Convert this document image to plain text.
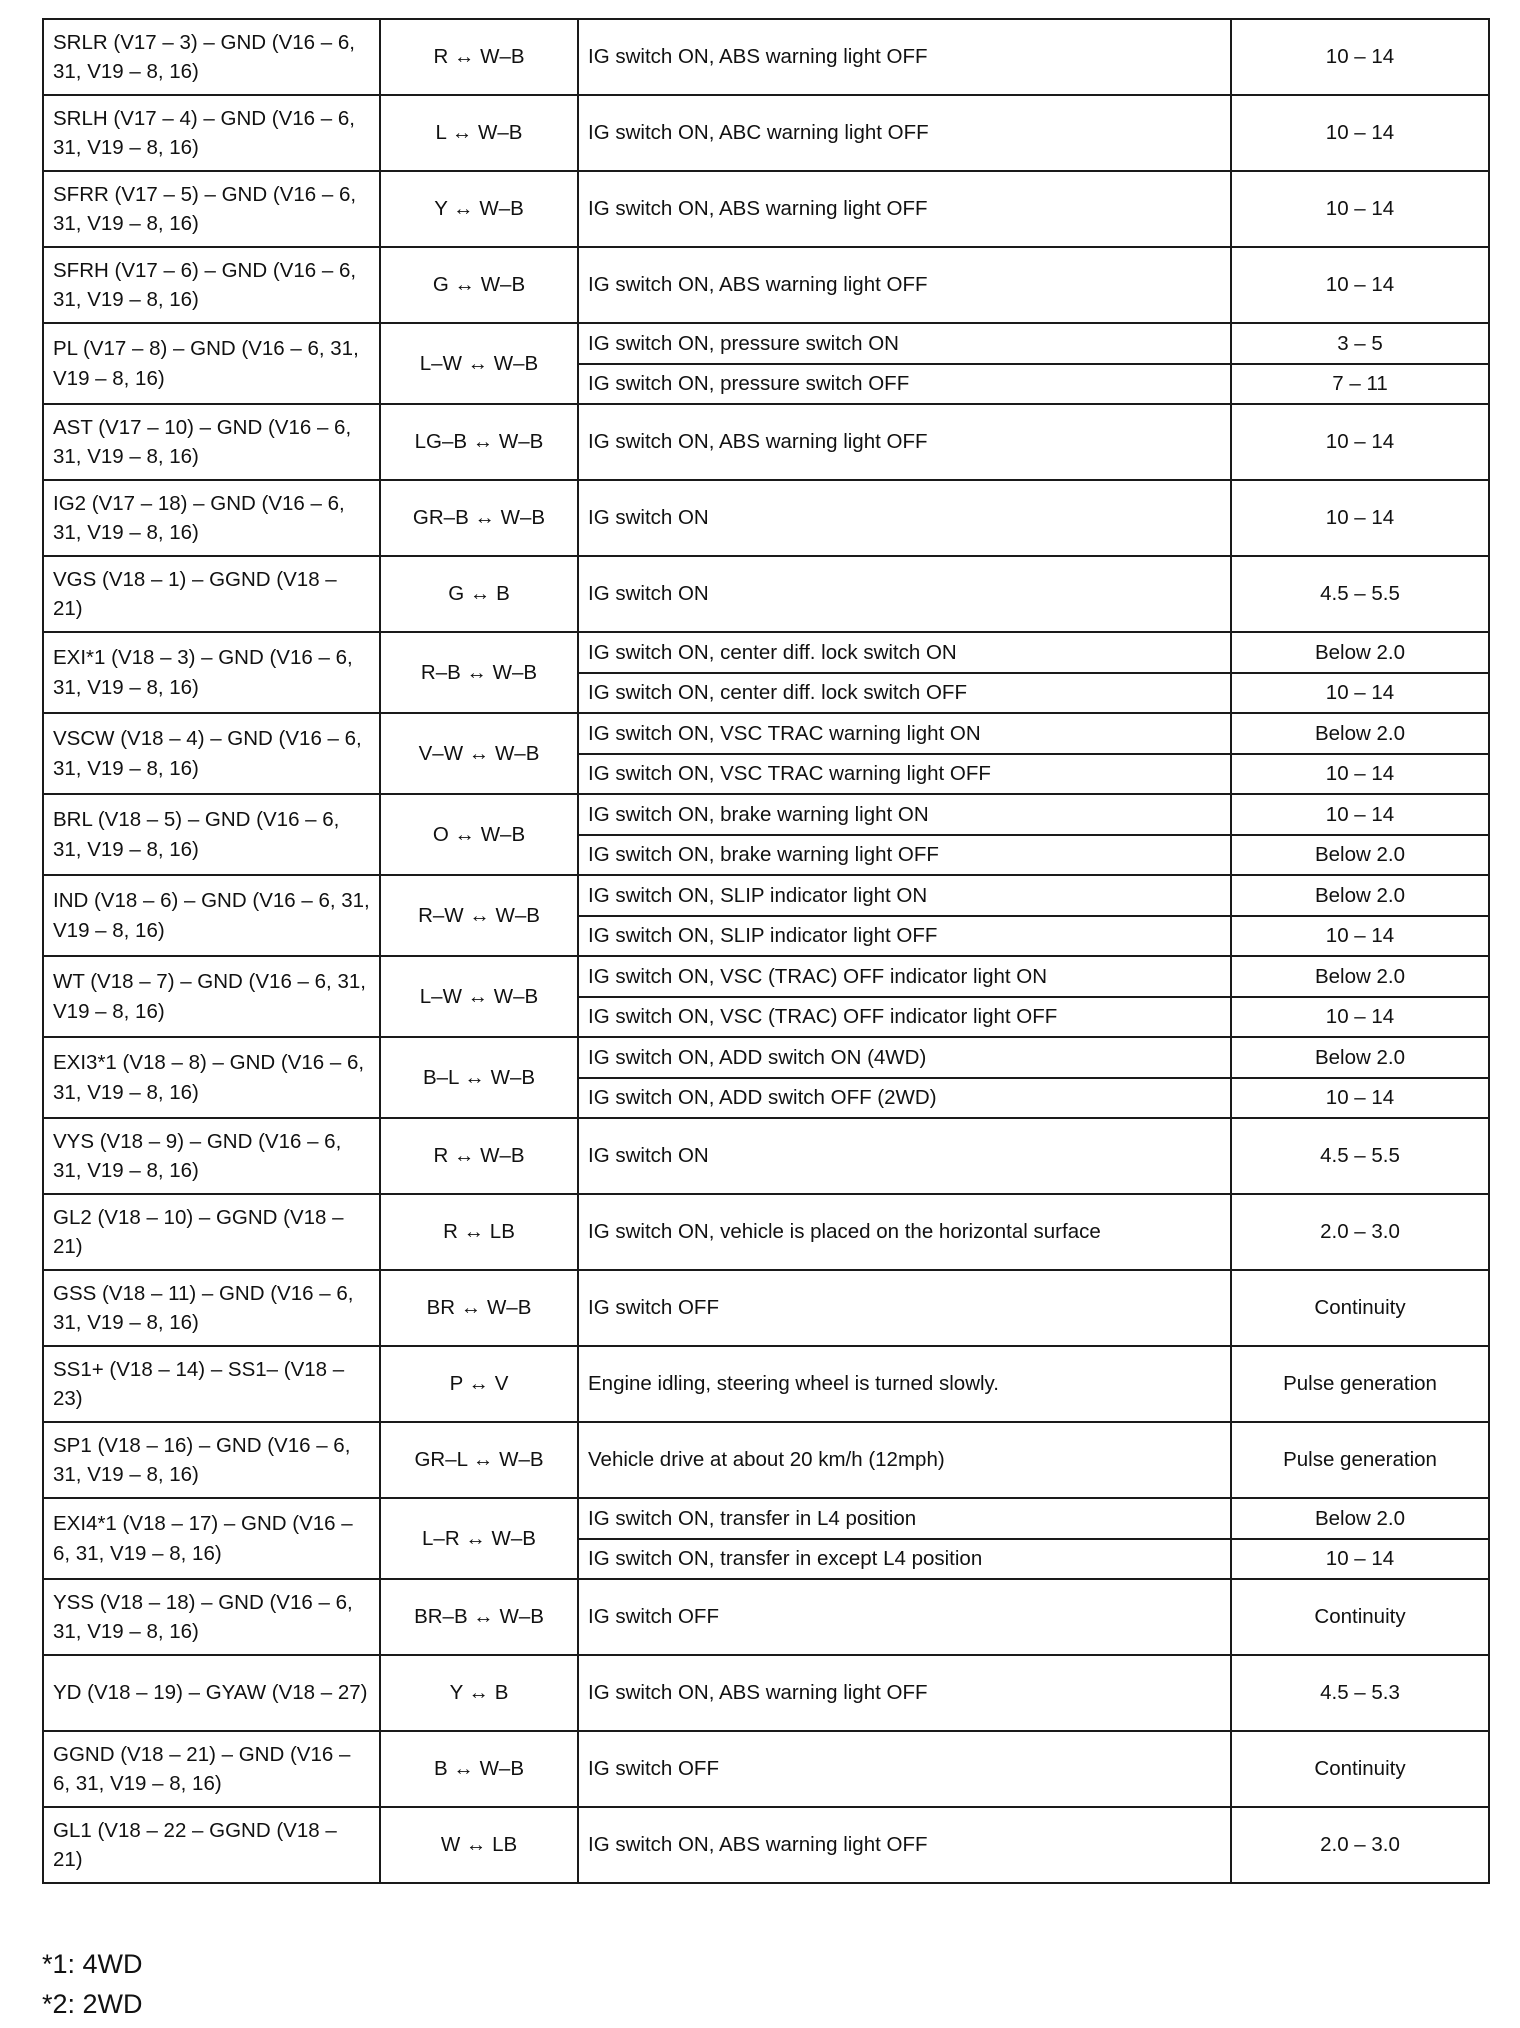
SRLR (V17 – 3) – GND (V16 – 6, 31, V19 – 8, 16)	R ↔ W–B	IG switch ON, ABS warning light OFF	10 – 14
SRLH (V17 – 4) – GND (V16 – 6, 31, V19 – 8, 16)	L ↔ W–B	IG switch ON, ABC warning light OFF	10 – 14
SFRR (V17 – 5) – GND (V16 – 6, 31, V19 – 8, 16)	Y ↔ W–B	IG switch ON, ABS warning light OFF	10 – 14
SFRH (V17 – 6) – GND (V16 – 6, 31, V19 – 8, 16)	G ↔ W–B	IG switch ON, ABS warning light OFF	10 – 14
PL (V17 – 8) – GND (V16 – 6, 31, V19 – 8, 16)	L–W ↔ W–B	IG switch ON, pressure switch ON	3 – 5
		IG switch ON, pressure switch OFF	7 – 11
AST (V17 – 10) – GND (V16 – 6, 31, V19 – 8, 16)	LG–B ↔ W–B	IG switch ON, ABS warning light OFF	10 – 14
IG2 (V17 – 18) – GND (V16 – 6, 31, V19 – 8, 16)	GR–B ↔ W–B	IG switch ON	10 – 14
VGS (V18 – 1) – GGND (V18 – 21)	G ↔ B	IG switch ON	4.5 – 5.5
EXI*1 (V18 – 3) – GND (V16 – 6, 31, V19 – 8, 16)	R–B ↔ W–B	IG switch ON, center diff. lock switch ON	Below 2.0
		IG switch ON, center diff. lock switch OFF	10 – 14
VSCW (V18 – 4) – GND (V16 – 6, 31, V19 – 8, 16)	V–W ↔ W–B	IG switch ON, VSC TRAC warning light ON	Below 2.0
		IG switch ON, VSC TRAC warning light OFF	10 – 14
BRL (V18 – 5) – GND (V16 – 6, 31, V19 – 8, 16)	O ↔ W–B	IG switch ON, brake warning light ON	10 – 14
		IG switch ON, brake warning light OFF	Below 2.0
IND (V18 – 6) – GND (V16 – 6, 31, V19 – 8, 16)	R–W ↔ W–B	IG switch ON, SLIP indicator light ON	Below 2.0
		IG switch ON, SLIP indicator light OFF	10 – 14
WT (V18 – 7) – GND (V16 – 6, 31, V19 – 8, 16)	L–W ↔ W–B	IG switch ON, VSC (TRAC) OFF indicator light ON	Below 2.0
		IG switch ON, VSC (TRAC) OFF indicator light OFF	10 – 14
EXI3*1 (V18 – 8) – GND (V16 – 6, 31, V19 – 8, 16)	B–L ↔ W–B	IG switch ON, ADD switch ON (4WD)	Below 2.0
		IG switch ON, ADD switch OFF (2WD)	10 – 14
VYS (V18 – 9) – GND (V16 – 6, 31, V19 – 8, 16)	R ↔ W–B	IG switch ON	4.5 – 5.5
GL2 (V18 – 10) – GGND (V18 – 21)	R ↔ LB	IG switch ON, vehicle is placed on the horizontal surface	2.0 – 3.0
GSS (V18 – 11) – GND (V16 – 6, 31, V19 – 8, 16)	BR ↔ W–B	IG switch OFF	Continuity
SS1+ (V18 – 14) – SS1– (V18 – 23)	P ↔ V	Engine idling, steering wheel is turned slowly.	Pulse generation
SP1 (V18 – 16) – GND (V16 – 6, 31, V19 – 8, 16)	GR–L ↔ W–B	Vehicle drive at about 20 km/h (12mph)	Pulse generation
EXI4*1 (V18 – 17) – GND (V16 – 6, 31, V19 – 8, 16)	L–R ↔ W–B	IG switch ON, transfer in L4 position	Below 2.0
		IG switch ON, transfer in except L4 position	10 – 14
YSS (V18 – 18) – GND (V16 – 6, 31, V19 – 8, 16)	BR–B ↔ W–B	IG switch OFF	Continuity
YD (V18 – 19) – GYAW (V18 – 27)	Y ↔ B	IG switch ON, ABS warning light OFF	4.5 – 5.3
GGND (V18 – 21) – GND (V16 – 6, 31, V19 – 8, 16)	B ↔ W–B	IG switch OFF	Continuity
GL1 (V18 – 22 – GGND (V18 – 21)	W ↔ LB	IG switch ON, ABS warning light OFF	2.0 – 3.0
*1: 4WD
*2: 2WD
